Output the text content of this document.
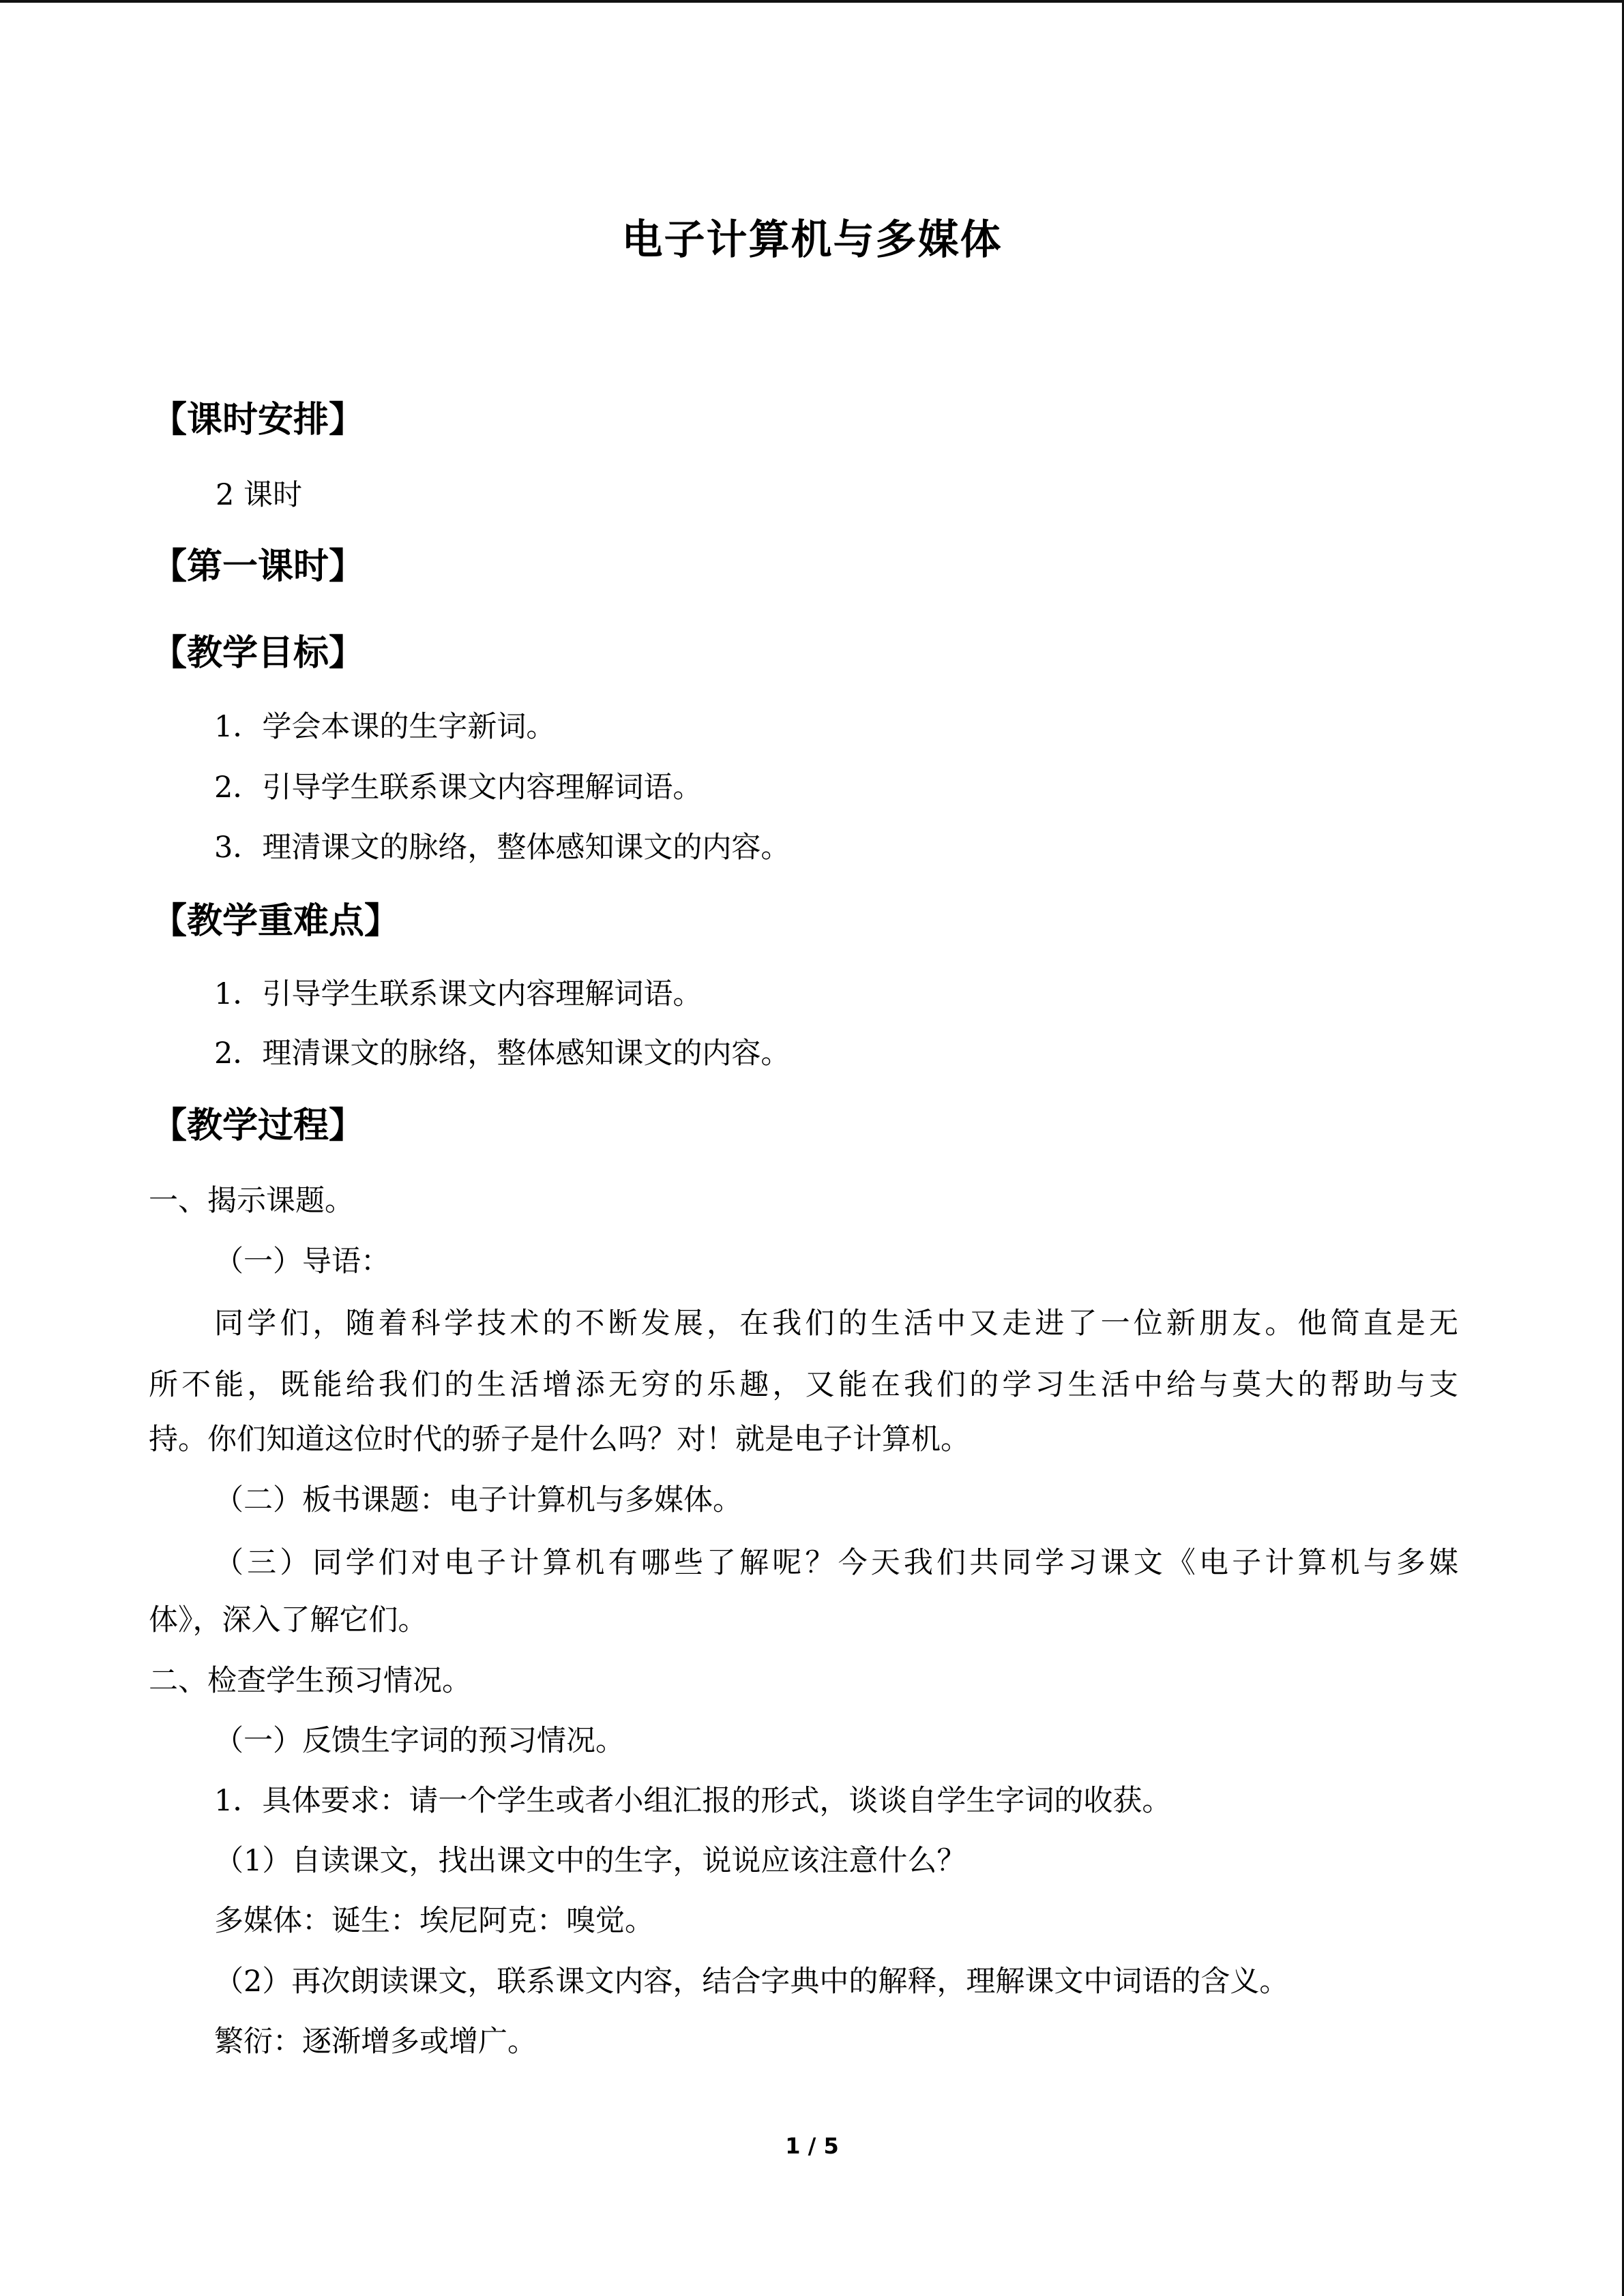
电子计算机与多媒体
【课时安排】
2 课时
【第一课时】
【教学目标】
1．学会本课的生字新词。
2．引导学生联系课文内容理解词语。
3．理清课文的脉络，整体感知课文的内容。
【教学重难点】
1．引导学生联系课文内容理解词语。
2．理清课文的脉络，整体感知课文的内容。
【教学过程】
一、揭示课题。
（一）导语：
同学们，随着科学技术的不断发展，在我们的生活中又走进了一位新朋友。他简直是无
所不能，既能给我们的生活增添无穷的乐趣，又能在我们的学习生活中给与莫大的帮助与支
持。你们知道这位时代的骄子是什么吗？对！就是电子计算机。
（二）板书课题：电子计算机与多媒体。
（三）同学们对电子计算机有哪些了解呢？今天我们共同学习课文《电子计算机与多媒
体》，深入了解它们。
二、检查学生预习情况。
（一）反馈生字词的预习情况。
1．具体要求：请一个学生或者小组汇报的形式，谈谈自学生字词的收获。
（1）自读课文，找出课文中的生字，说说应该注意什么？
多媒体：诞生：埃尼阿克：嗅觉。
（2）再次朗读课文，联系课文内容，结合字典中的解释，理解课文中词语的含义。
繁衍：逐渐增多或增广。
1 / 5
